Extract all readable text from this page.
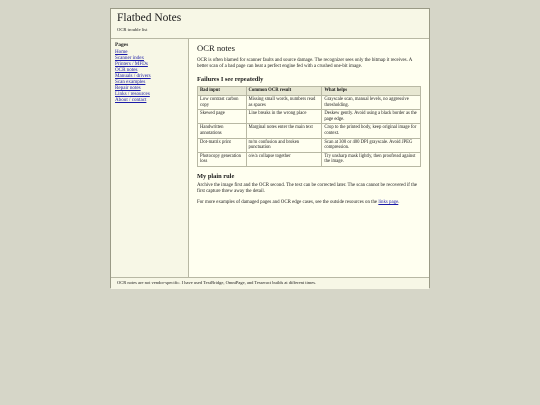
Flatbed Notes
OCR trouble list
Pages
Home
Scanner index
Printers / MFDs
OCR notes
Manuals / drivers
Scan examples
Repair notes
Links / resources
About / contact
OCR notes

OCR is often blamed for scanner faults and source damage. The recognizer sees only the bitmap it receives. A better scan of a bad page can beat a perfect engine fed with a crushed one-bit image.

Failures I see repeatedly
Bad input	Common OCR result	What helps
Low contrast carbon copy	Missing small words, numbers read as spaces	Grayscale scan, manual levels, no aggressive thresholding.
Skewed page	Line breaks in the wrong place	Deskew gently. Avoid using a black border as the page edge.
Handwritten annotations	Marginal notes enter the main text	Crop to the printed body, keep original image for context.
Dot-matrix print	m/rn confusion and broken punctuation	Scan at 300 or 400 DPI grayscale. Avoid JPEG compression.
Photocopy generation loss	o/e/a collapse together	Try unsharp mask lightly, then proofread against the image.
My plain rule

Archive the image first and the OCR second. The text can be corrected later. The scan cannot be recovered if the first capture threw away the detail.

For more examples of damaged pages and OCR edge cases, see the outside resources on the links page.

OCR notes are not vendor-specific. I have used TextBridge, OmniPage, and Tesseract builds at different times.
